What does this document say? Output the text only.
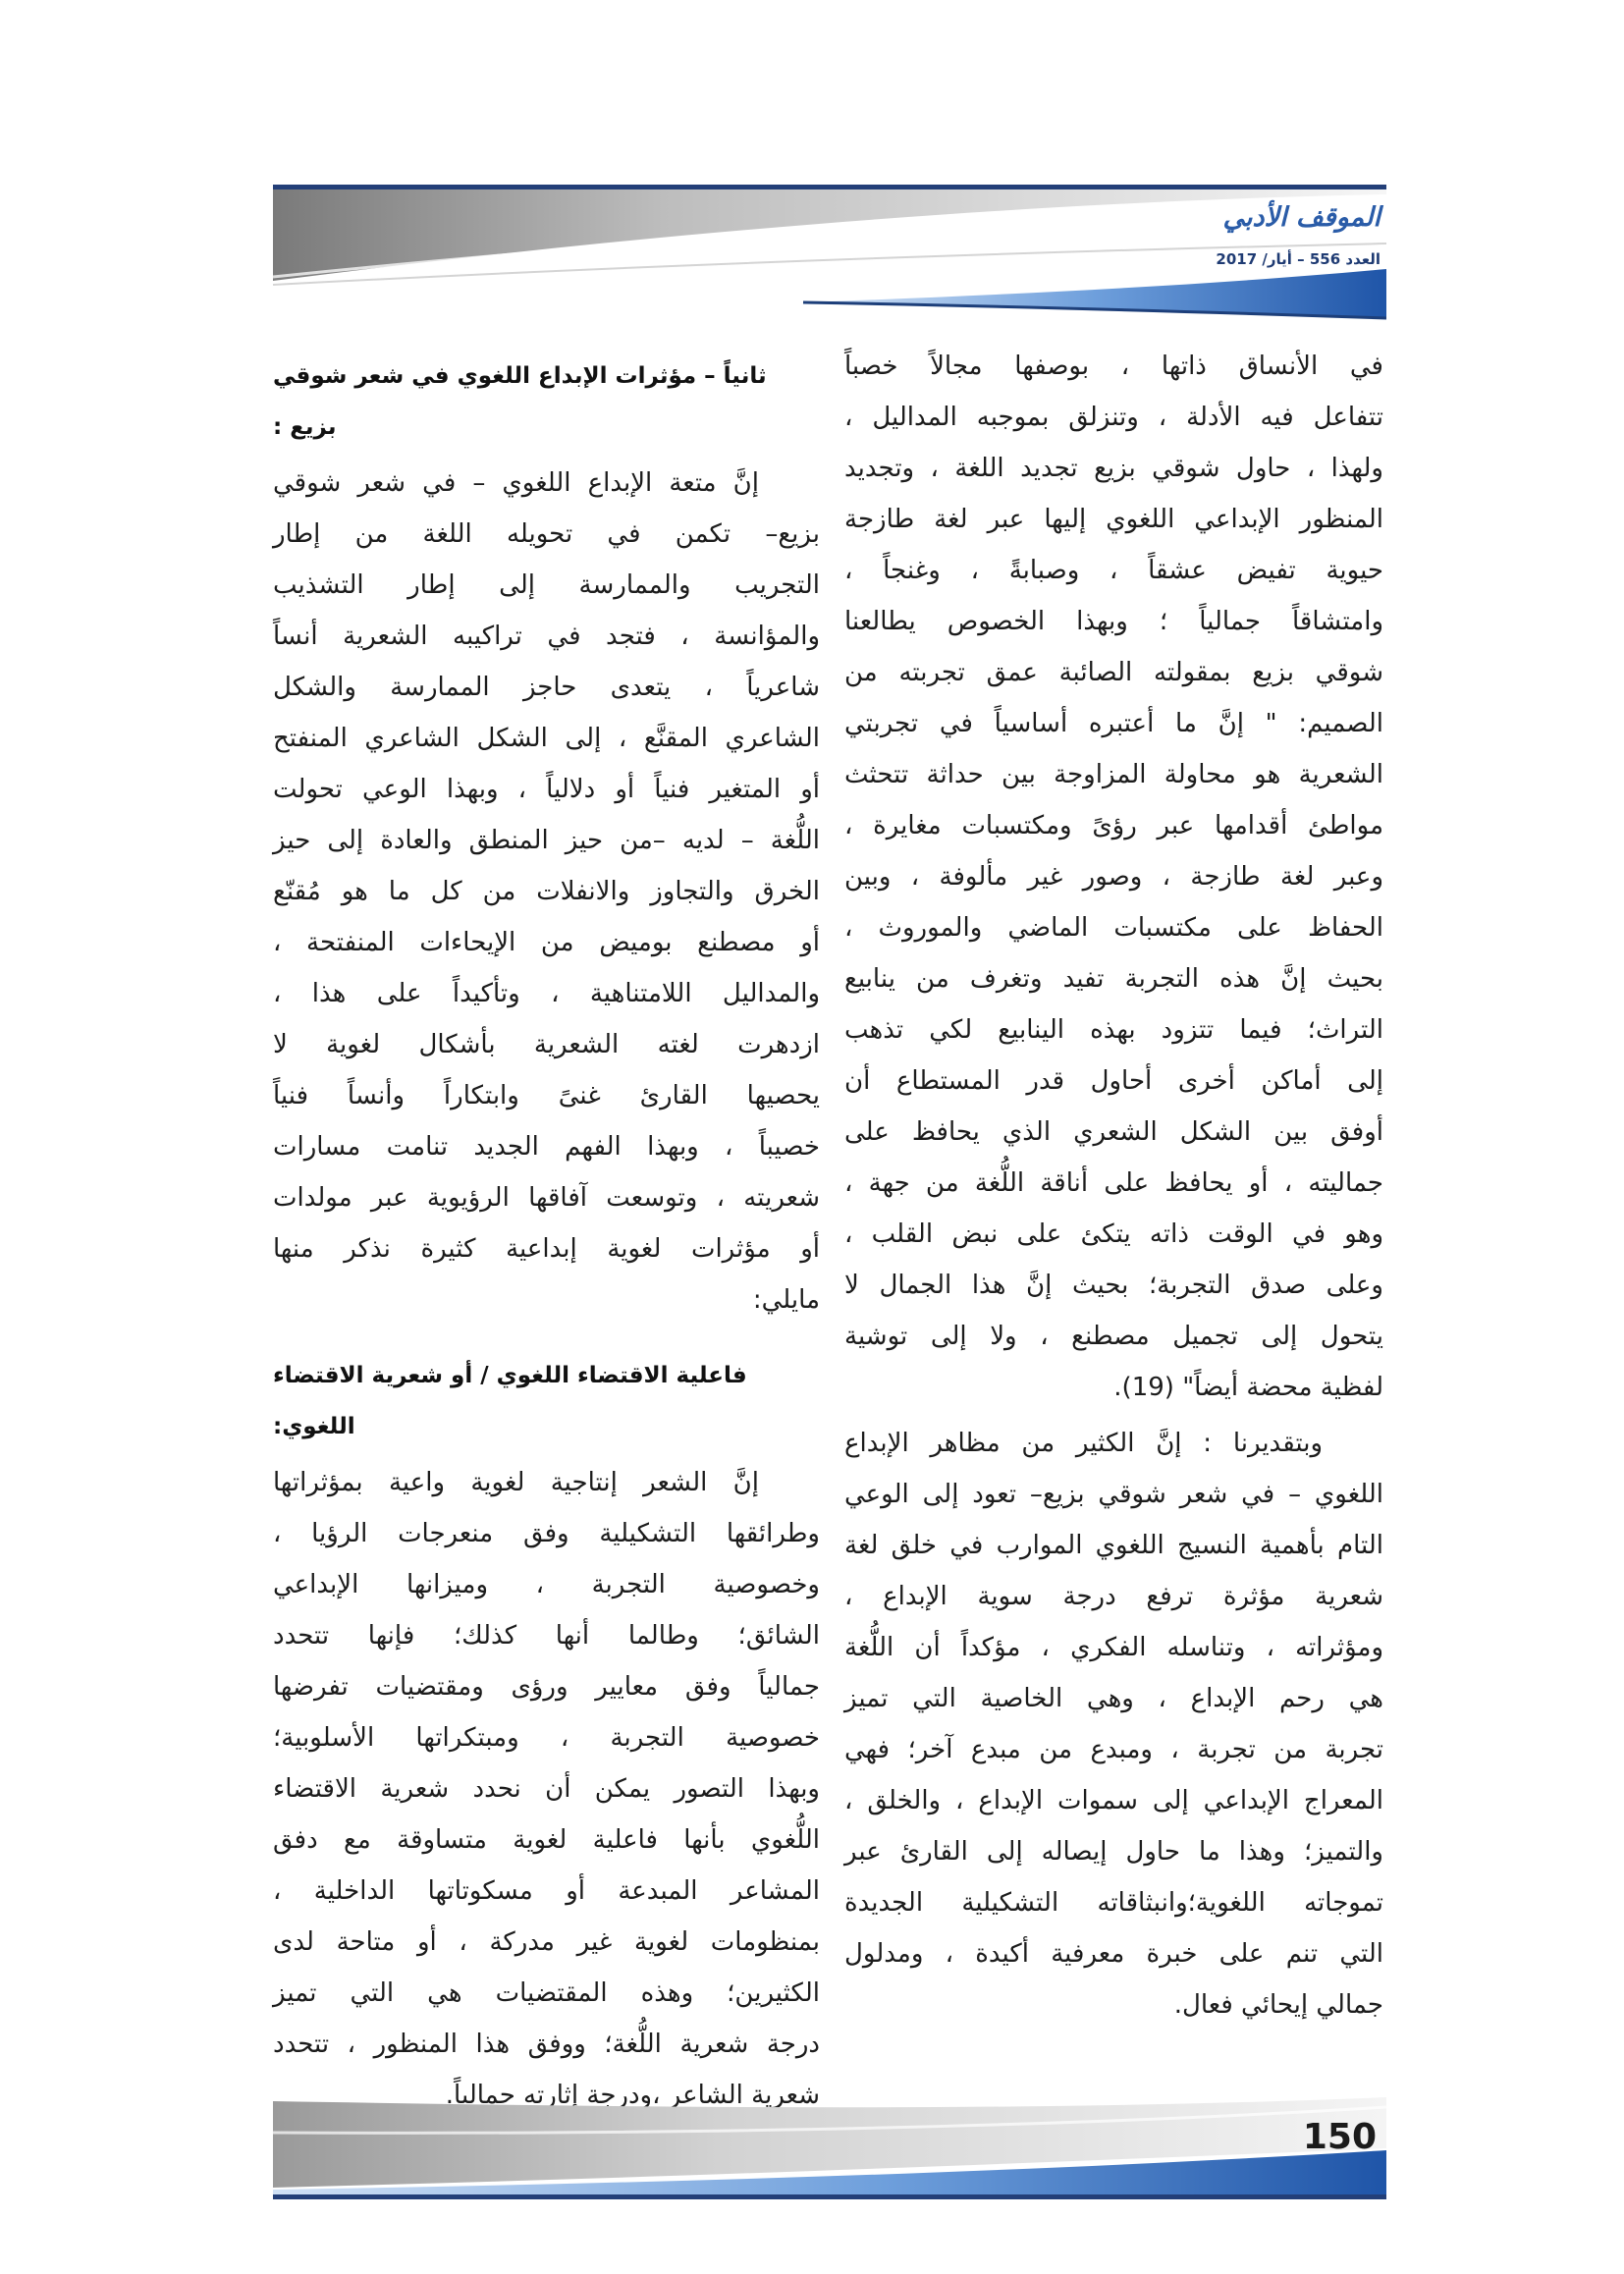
الموقف الأدبي
العدد 556 – أيار/ 2017
في الأنساق ذاتها ، بوصفها مجالاً خصباً
تتفاعل فيه الأدلة ، وتنزلق بموجبه المداليل ،
ولهذا ، حاول شوقي بزيع تجديد اللغة ، وتجديد
المنظور الإبداعي اللغوي إليها عبر لغة طازجة
حيوية تفيض عشقاً ، وصبابةً ، وغنجاً ،
وامتشاقاً جمالياً ؛ وبهذا الخصوص يطالعنا
شوقي بزيع بمقولته الصائبة عمق تجربته من
الصميم: " إنَّ ما أعتبره أساسياً في تجربتي
الشعرية هو محاولة المزاوجة بين حداثة تتحثث
مواطئ أقدامها عبر رؤىً ومكتسبات مغايرة ،
وعبر لغة طازجة ، وصور غير مألوفة ، وبين
الحفاظ على مكتسبات الماضي والموروث ،
بحيث إنَّ هذه التجربة تفيد وتغرف من ينابيع
التراث؛ فيما تتزود بهذه الينابيع لكي تذهب
إلى أماكن أخرى أحاول قدر المستطاع أن
أوفق بين الشكل الشعري الذي يحافظ على
جماليته ، أو يحافظ على أناقة اللُّغة من جهة ،
وهو في الوقت ذاته يتكئ على نبض القلب ،
وعلى صدق التجربة؛ بحيث إنَّ هذا الجمال لا
يتحول إلى تجميل مصطنع ، ولا إلى توشية
لفظية محضة أيضاً" (19).
وبتقديرنا : إنَّ الكثير من مظاهر الإبداع
اللغوي – في شعر شوقي بزيع– تعود إلى الوعي
التام بأهمية النسيج اللغوي الموارب في خلق لغة
شعرية مؤثرة ترفع درجة سوية الإبداع ،
ومؤثراته ، وتناسله الفكري ، مؤكداً أن اللُّغة
هي رحم الإبداع ، وهي الخاصية التي تميز
تجربة من تجربة ، ومبدع من مبدع آخر؛ فهي
المعراج الإبداعي إلى سموات الإبداع ، والخلق ،
والتميز؛ وهذا ما حاول إيصاله إلى القارئ عبر
تموجاته اللغوية؛وانبثاقاته التشكيلية الجديدة
التي تنم على خبرة معرفية أكيدة ، ومدلول
جمالي إيحائي فعال.
ثانياً – مؤثرات الإبداع اللغوي في شعر شوقي بزيع :
إنَّ متعة الإبداع اللغوي – في شعر شوقي
بزيع– تكمن في تحويله اللغة من إطار
التجريب والممارسة إلى إطار التشذيب
والمؤانسة ، فتجد في تراكيبه الشعرية أنساً
شاعرياً ، يتعدى حاجز الممارسة والشكل
الشاعري المقنَّع ، إلى الشكل الشاعري المنفتح
أو المتغير فنياً أو دلالياً ، وبهذا الوعي تحولت
اللُّغة – لديه –من حيز المنطق والعادة إلى حيز
الخرق والتجاوز والانفلات من كل ما هو مُقنّع
أو مصطنع بوميض من الإيحاءات المنفتحة ،
والمداليل اللامتناهية ، وتأكيداً على هذا ،
ازدهرت لغته الشعرية بأشكال لغوية لا
يحصيها القارئ غنىً وابتكاراً وأنساً فنياً
خصيباً ، وبهذا الفهم الجديد تنامت مسارات
شعريته ، وتوسعت آفاقها الرؤيوية عبر مولدات
أو مؤثرات لغوية إبداعية كثيرة نذكر منها
مايلي:
فاعلية الاقتضاء اللغوي / أو شعرية الاقتضاء اللغوي:
إنَّ الشعر إنتاجية لغوية واعية بمؤثراتها
وطرائقها التشكيلية وفق منعرجات الرؤيا ،
وخصوصية التجربة ، وميزانها الإبداعي
الشائق؛ وطالما أنها كذلك؛ فإنها تتحدد
جمالياً وفق معايير ورؤى ومقتضيات تفرضها
خصوصية التجربة ، ومبتكراتها الأسلوبية؛
وبهذا التصور يمكن أن نحدد شعرية الاقتضاء
اللُّغوي بأنها فاعلية لغوية متساوقة مع دفق
المشاعر المبدعة أو مسكوتاتها الداخلية ،
بمنظومات لغوية غير مدركة ، أو متاحة لدى
الكثيرين؛ وهذه المقتضيات هي التي تميز
درجة شعرية اللُّغة؛ ووفق هذا المنظور ، تتحدد
شعرية الشاعر ،ودرجة إثارته جمالياً.
150
